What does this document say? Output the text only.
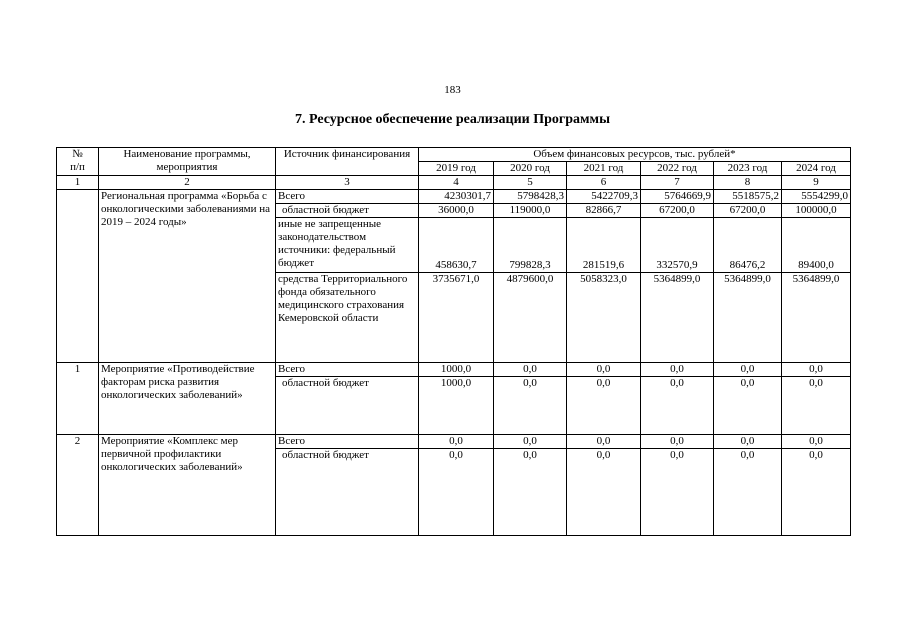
183
7. Ресурсное обеспечение реализации Программы
№
п/п	Наименование программы, мероприятия	Источник финансирования	Объем финансовых ресурсов, тыс. рублей*					
			2019 год	2020 год	2021 год	2022 год	2023 год	2024 год
1	2	3	4	5	6	7	8	9
	Региональная программа «Борьба с онкологическими заболеваниями на 2019 – 2024 годы»	Всего	4230301,7	5798428,3	5422709,3	5764669,9	5518575,2	5554299,0
		областной бюджет	36000,0	119000,0	82866,7	67200,0	67200,0	100000,0
		иные не запрещенные законодательством источники: федеральный бюджет	458630,7	799828,3	281519,6	332570,9	86476,2	89400,0
		средства Территориального фонда обязательного медицинского страхования Кемеровской области	3735671,0	4879600,0	5058323,0	5364899,0	5364899,0	5364899,0
1	Мероприятие «Противодействие факторам риска развития онкологических заболеваний»	Всего	1000,0	0,0	0,0	0,0	0,0	0,0
		областной бюджет	1000,0	0,0	0,0	0,0	0,0	0,0
2	Мероприятие «Комплекс мер первичной профилактики онкологических заболеваний»	Всего	0,0	0,0	0,0	0,0	0,0	0,0
		областной бюджет	0,0	0,0	0,0	0,0	0,0	0,0
